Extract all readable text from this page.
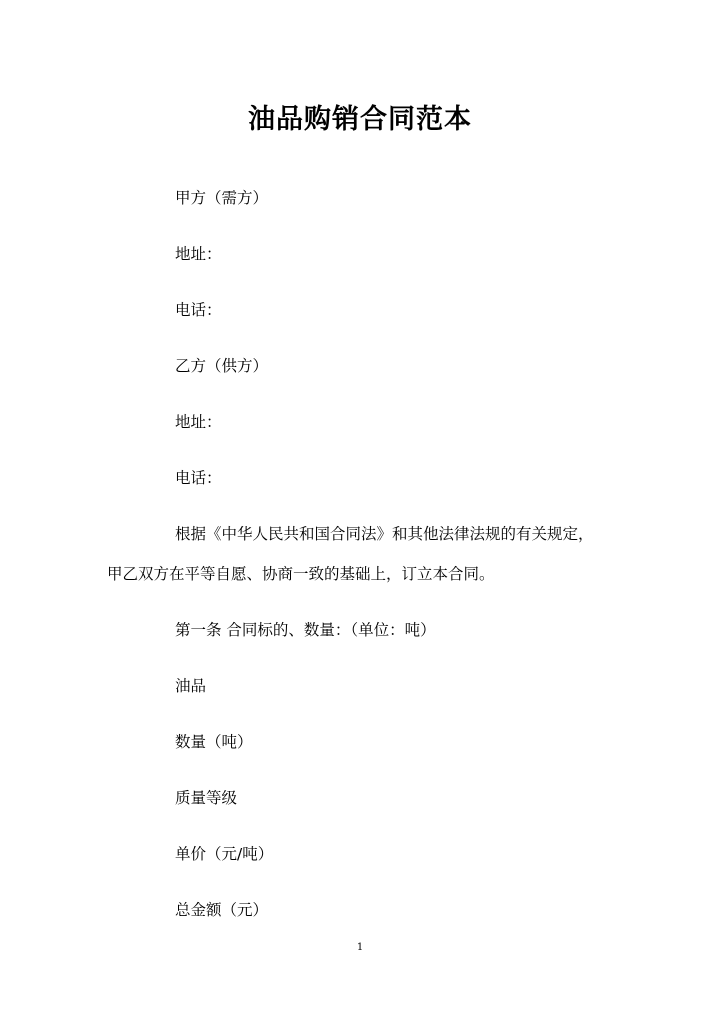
油品购销合同范本
甲方（需方）
地址：
电话：
乙方（供方）
地址：
电话：
根据《中华人民共和国合同法》和其他法律法规的有关规定，
甲乙双方在平等自愿、协商一致的基础上，订立本合同。
第一条 合同标的、数量：（单位：吨）
油品
数量（吨）
质量等级
单价（元/吨）
总金额（元）
1
